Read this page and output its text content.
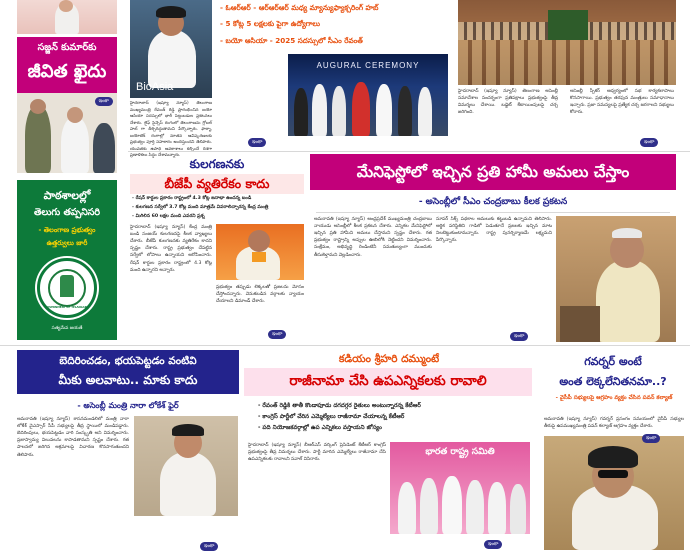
సజ్జన్ కుమార్‌కు
జీవిత ఖైదు
ఇంకా
BioAsia
- ఓఆర్ఆర్ - ఆర్ఆర్ఆర్ మధ్య మ్యాన్యుఫ్యాక్చరింగ్ హబ్
- 5 కోట్ల 5 లక్షలకు పైగా ఉద్యోగాలు
- బయో ఆసియా - 2025 సదస్సులో సీఎం రేవంత్
హైదరాబాద్ (ఇష్యూ న్యూస్) తెలంగాణ ముఖ్యమంత్రి రేవంత్ రెడ్డి ప్రారంభించిన బయో ఆసియా సదస్సులో భారీ పెట్టుబడుల ప్రకటనలు చేశారు. లైఫ్ సైన్సెస్ రంగంలో తెలంగాణను గ్లోబల్ హబ్ గా తీర్చిదిద్దుతామని పేర్కొన్నారు. ఫార్మా, బయోటెక్ రంగాల్లో నూతన ఆవిష్కరణలకు ప్రభుత్వం పూర్తి సహకారం అందిస్తుందని తెలిపారు. యువతకు ఉపాధి అవకాశాలు కల్పించే దిశగా ప్రణాళికలు సిద్ధం చేశామన్నారు.
AUGURAL CEREMONY
ఇంకా
హైదరాబాద్ (ఇష్యూ న్యూస్) తెలంగాణ అసెంబ్లీ సమావేశాల సందర్భంగా ప్రతిపక్షాలు ప్రభుత్వంపై తీవ్ర విమర్శలు చేశాయి. బడ్జెట్ కేటాయింపులపై చర్చ జరిగింది.
అసెంబ్లీ స్పీకర్ ఆధ్వర్యంలో సభ కార్యకలాపాలు కొనసాగాయి. ప్రభుత్వం తరఫున మంత్రులు సమాధానాలు ఇచ్చారు. ప్రజా సమస్యలపై ప్రత్యేక చర్చ జరగాలని సభ్యులు కోరారు.
ఇంకా
పాఠశాలల్లో
తెలుగు తప్పనిసరి
- తెలంగాణ ప్రభుత్వం
ఉత్తర్వులు జారీ
GOVERNMENT OF TELANGANA
సత్యమేవ జయతే
కులగణనకు
బీజేపీ వ్యతిరేకం కాదు
- రేషన్ కార్డుల ప్రకారం రాష్ట్రంలో 4.3 కోట్ల జనాభా ఉందన్న బండి
- కులగణన సర్వేలో 3.7 కోట్ల మంది మాత్రమే వివరాలిచ్చారన్న కేంద్ర మంత్రి
- మిగిలిన 60 లక్షల మంది ఎవరని ప్రశ్న
హైదరాబాద్ (ఇష్యూ న్యూస్) కేంద్ర మంత్రి బండి సంజయ్ కులగణనపై కీలక వ్యాఖ్యలు చేశారు. బీజేపీ కులగణనకు వ్యతిరేకం కాదని స్పష్టం చేశారు. రాష్ట్ర ప్రభుత్వం చేపట్టిన సర్వేలో లోపాలు ఉన్నాయని ఆరోపించారు. రేషన్ కార్డుల ప్రకారం రాష్ట్రంలో 4.3 కోట్ల మంది ఉన్నారని అన్నారు.
ప్రభుత్వం తప్పుడు లెక్కలతో ప్రజలను మోసం చేస్తోందన్నారు. వెనుకబడిన వర్గాలకు న్యాయం చేయాలని డిమాండ్ చేశారు.
ఇంకా
మేనిఫెస్టోలో ఇచ్చిన ప్రతి హామీ అమలు చేస్తాం
- అసెంబ్లీలో సీఎం చంద్రబాబు కీలక ప్రకటన
అమరావతి (ఇష్యూ న్యూస్) ఆంధ్రప్రదేశ్ ముఖ్యమంత్రి చంద్రబాబు నాయుడు అసెంబ్లీలో కీలక ప్రకటన చేశారు. ఎన్నికల మేనిఫెస్టోలో ఇచ్చిన ప్రతి హామీని అమలు చేస్తామని స్పష్టం చేశారు. గత ప్రభుత్వం రాష్ట్రాన్ని అప్పుల ఊబిలోకి నెట్టిందని విమర్శించారు. సంక్షేమం, అభివృద్ధి రెండింటినీ సమతుల్యంగా ముందుకు తీసుకెళ్తామని వెల్లడించారు.
సూపర్ సిక్స్ పథకాల అమలుకు కట్టుబడి ఉన్నామని తెలిపారు. ఆర్థిక పరిస్థితిని గాడిలో పెడుతూనే ప్రజలకు ఇచ్చిన మాట నిలబెట్టుకుంటామన్నారు. రాష్ట్ర పునర్నిర్మాణమే లక్ష్యమని పేర్కొన్నారు.
ఇంకా
బెదిరించడం, భయపెట్టడం వంటివి
మీకు అలవాటు.. మాకు కాదు
- అసెంబ్లీ మంత్రి నారా లోకేశ్ ఫైర్
అమరావతి (ఇష్యూ న్యూస్) శాసనమండలిలో మంత్రి నారా లోకేశ్ వైఎస్సార్ సీపీ సభ్యులపై తీవ్ర స్థాయిలో మండిపడ్డారు. బెదిరింపులు, భయపెట్టడం వారి సంస్కృతి అని విమర్శించారు. ప్రజాస్వామ్య విలువలను కాపాడతామని స్పష్టం చేశారు. గత పాలనలో జరిగిన అక్రమాలపై విచారణ కొనసాగుతుందని తెలిపారు.
ఇంకా
కడియం శ్రీహరి దమ్ముంటే
రాజీనామా చేసి ఉపఎన్నికలకు రావాలి
- రేవంత్ రెడ్డికి తాతీ కొండాపూడు దగదగ్గర రైతులు అంటున్నారన్న కేటీఆర్
- కాంగ్రెస్ పార్టీలో చేరిన ఎమ్మెల్యేలు రాజీనామా చేయాలన్న కేటీఆర్
- పది నియోజకవర్గాల్లో ఉప ఎన్నికలు వస్తాయని జోస్యం
హైదరాబాద్ (ఇష్యూ న్యూస్) బీఆర్ఎస్ వర్కింగ్ ప్రెసిడెంట్ కేటీఆర్ కాంగ్రెస్ ప్రభుత్వంపై తీవ్ర విమర్శలు చేశారు. పార్టీ మారిన ఎమ్మెల్యేలు రాజీనామా చేసి ఉపఎన్నికలకు రావాలని సవాల్ విసిరారు.
భారత రాష్ట్ర సమితి
ఇంకా
గవర్నర్ అంటే
అంత లెక్కలేనితనమా..?
- వైసీపీ సభ్యులపై ఆగ్రహం వ్యక్తం చేసిన పవన్ కల్యాణ్
అమరావతి (ఇష్యూ న్యూస్) గవర్నర్ ప్రసంగం సమయంలో వైసీపీ సభ్యుల తీరుపై ఉపముఖ్యమంత్రి పవన్ కల్యాణ్ ఆగ్రహం వ్యక్తం చేశారు.
ఇంకా
